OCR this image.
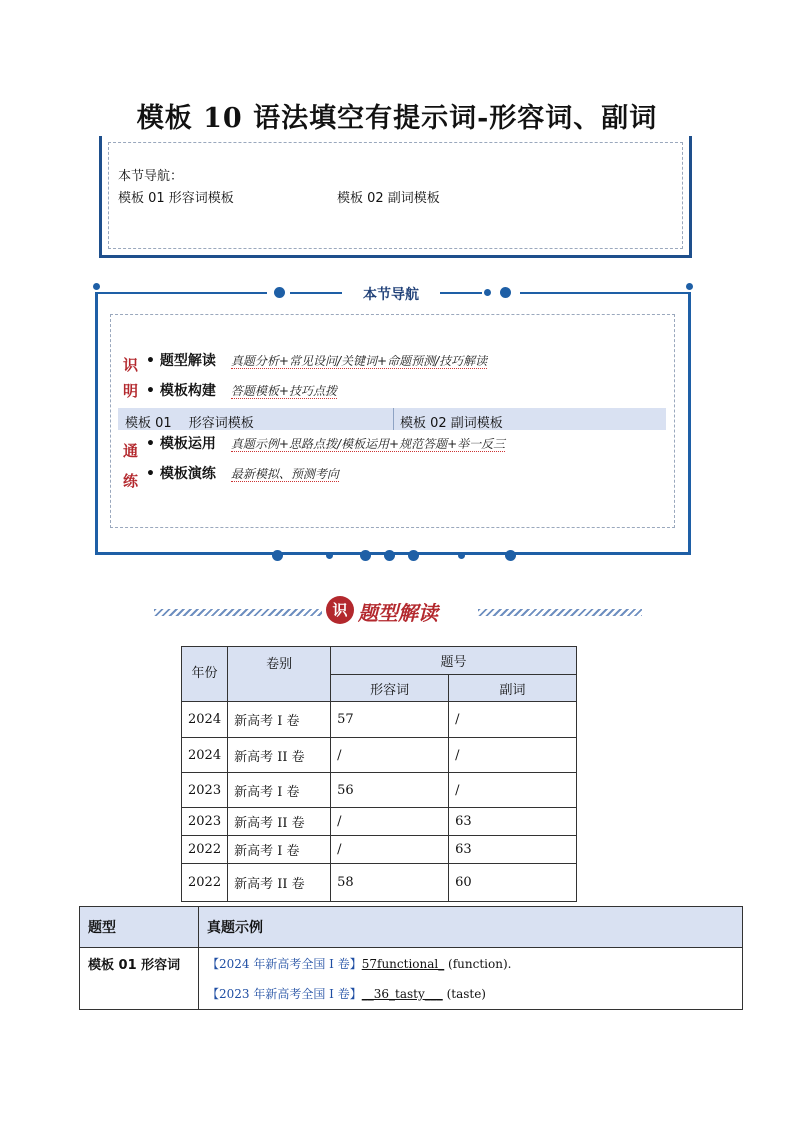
模板 10 语法填空有提示词-形容词、副词
本节导航：
模板 01 形容词模板	模板 02 副词模板
本节导航
识
明
通
练
• 题型解读 真题分析+常见设问/关键词+命题预测/技巧解读
• 模板构建 答题模板+技巧点拨
模板 01　 形容词模板	模板 02 副词模板
• 模板运用 真题示例+思路点拨/模板运用+规范答题+举一反三
• 模板演练 最新模拟、预测考向
识 题型解读
年份	卷别	题号	
		形容词	副词
2024	新高考 I 卷	57	/
2024	新高考 II 卷	/	/
2023	新高考 I 卷	56	/
2023	新高考 II 卷	/	63
2022	新高考 I 卷	/	63
2022	新高考 II 卷	58	60
题型	真题示例
模板 01 形容词	【2024 年新高考全国 I 卷】57functional_ (function).
【2023 年新高考全国 I 卷】__36_tasty___ (taste)
